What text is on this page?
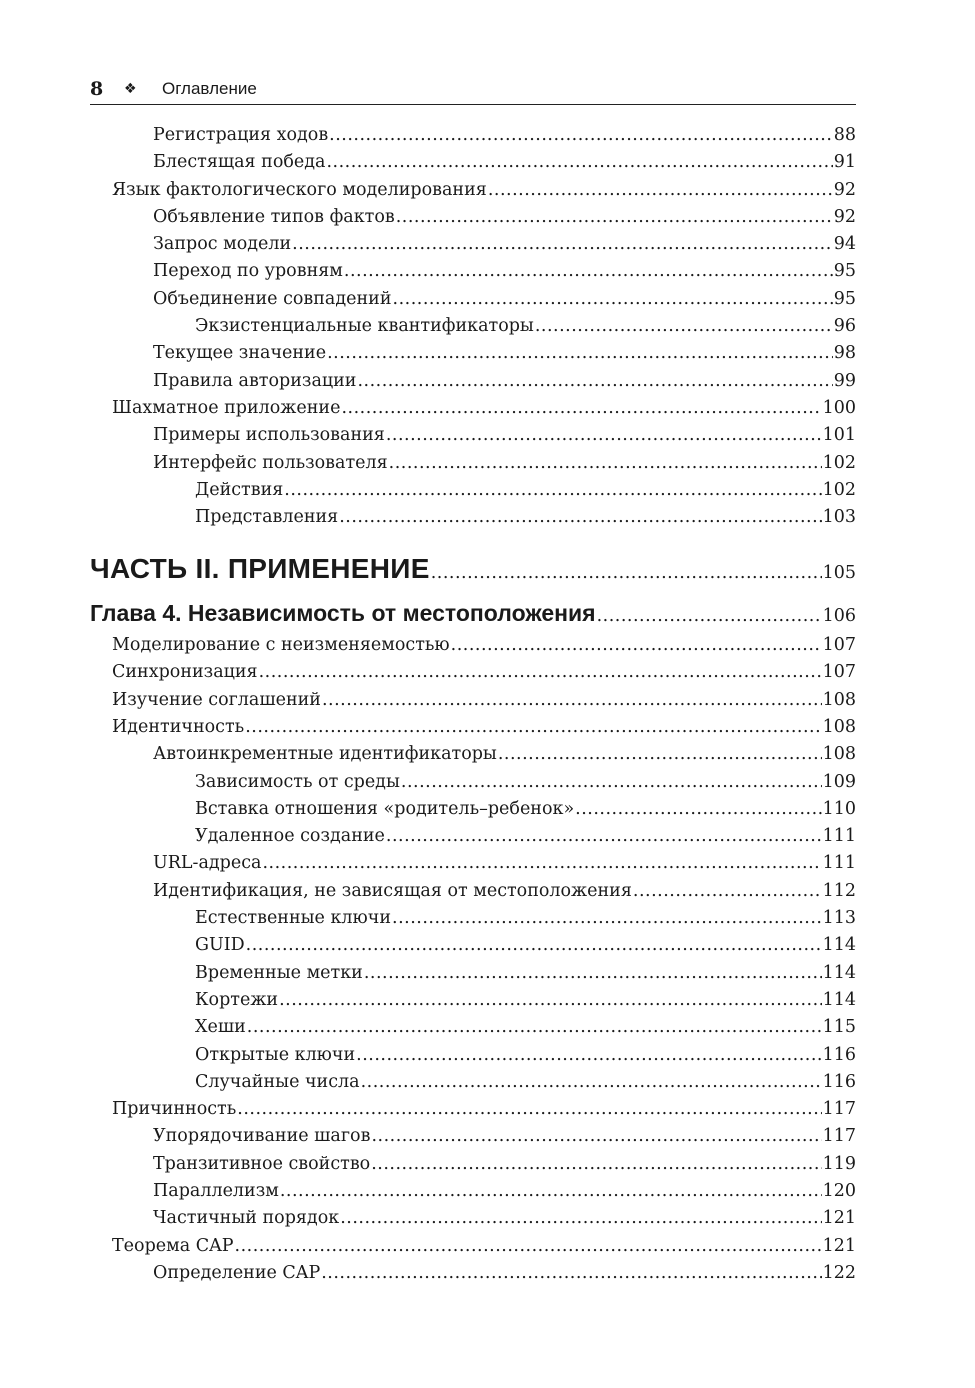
8	❖	Оглавление
Регистрация ходов .....	88
Блестящая победа .....	91
Язык фактологического моделирования .....	92
Объявление типов фактов .....	92
Запрос модели .....	94
Переход по уровням .....	95
Объединение совпадений .....	95
Экзистенциальные квантификаторы .....	96
Текущее значение .....	98
Правила авторизации .....	99
Шахматное приложение .....	100
Примеры использования .....	101
Интерфейс пользователя .....	102
Действия .....	102
Представления .....	103
ЧАСТЬ II. ПРИМЕНЕНИЕ .....	105
Глава 4. Независимость от местоположения .....	106
Моделирование с неизменяемостью .....	107
Синхронизация .....	107
Изучение соглашений .....	108
Идентичность .....	108
Автоинкрементные идентификаторы .....	108
Зависимость от среды .....	109
Вставка отношения «родитель–ребенок» .....	110
Удаленное создание .....	111
URL-адреса .....	111
Идентификация, не зависящая от местоположения .....	112
Естественные ключи .....	113
GUID .....	114
Временные метки .....	114
Кортежи .....	114
Хеши .....	115
Открытые ключи .....	116
Случайные числа .....	116
Причинность .....	117
Упорядочивание шагов .....	117
Транзитивное свойство .....	119
Параллелизм .....	120
Частичный порядок .....	121
Теорема CAP .....	121
Определение CAP .....	122
